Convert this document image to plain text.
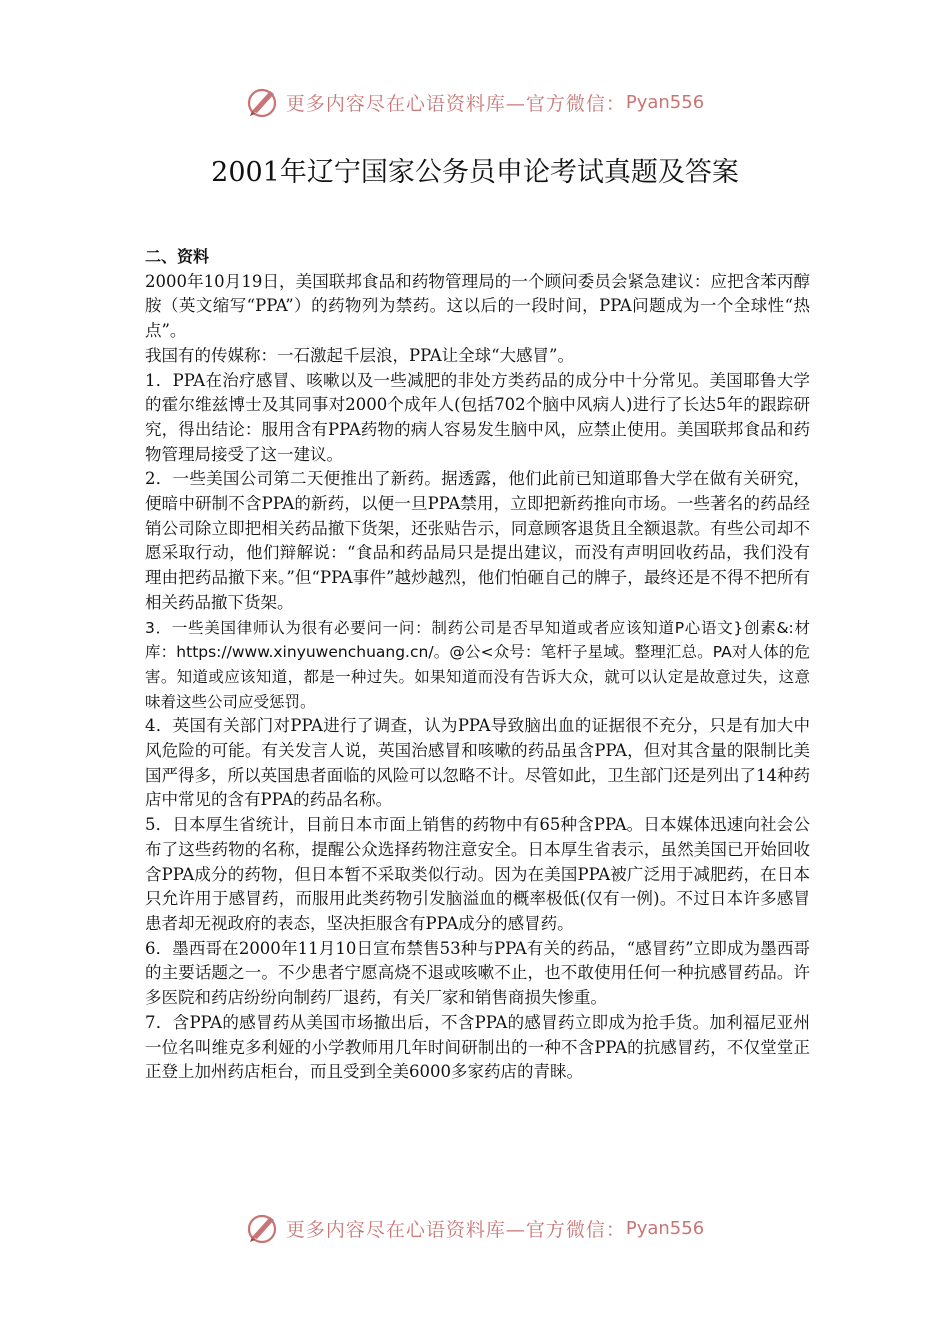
更多内容尽在心语资料库—官方微信： Pyan556
2001年辽宁国家公务员申论考试真题及答案
二、资料

2000年10月19日，美国联邦食品和药物管理局的一个顾问委员会紧急建议：应把含苯丙醇胺（英文缩写“PPA”）的药物列为禁药。这以后的一段时间，PPA问题成为一个全球性“热点”。

我国有的传媒称：一石激起千层浪，PPA让全球“大感冒”。

1．PPA在治疗感冒、咳嗽以及一些减肥的非处方类药品的成分中十分常见。美国耶鲁大学的霍尔维兹博士及其同事对2000个成年人(包括702个脑中风病人)进行了长达5年的跟踪研究，得出结论：服用含有PPA药物的病人容易发生脑中风，应禁止使用。美国联邦食品和药物管理局接受了这一建议。

2．一些美国公司第二天便推出了新药。据透露，他们此前已知道耶鲁大学在做有关研究，便暗中研制不含PPA的新药，以便一旦PPA禁用，立即把新药推向市场。一些著名的药品经销公司除立即把相关药品撤下货架，还张贴告示，同意顾客退货且全额退款。有些公司却不愿采取行动，他们辩解说：“食品和药品局只是提出建议，而没有声明回收药品，我们没有理由把药品撤下来。”但“PPA事件”越炒越烈，他们怕砸自己的牌子，最终还是不得不把所有相关药品撤下货架。

3．一些美国律师认为很有必要问一问：制药公司是否早知道或者应该知道P心语文}创素&:材库：https://www.xinyuwenchuang.cn/。@公<众号：笔杆子星域。整理汇总。PA对人体的危害。知道或应该知道，都是一种过失。如果知道而没有告诉大众，就可以认定是故意过失，这意味着这些公司应受惩罚。

4．英国有关部门对PPA进行了调查，认为PPA导致脑出血的证据很不充分，只是有加大中风危险的可能。有关发言人说，英国治感冒和咳嗽的药品虽含PPA，但对其含量的限制比美国严得多，所以英国患者面临的风险可以忽略不计。尽管如此，卫生部门还是列出了14种药店中常见的含有PPA的药品名称。

5．日本厚生省统计，目前日本市面上销售的药物中有65种含PPA。日本媒体迅速向社会公布了这些药物的名称，提醒公众选择药物注意安全。日本厚生省表示，虽然美国已开始回收含PPA成分的药物，但日本暂不采取类似行动。因为在美国PPA被广泛用于减肥药，在日本只允许用于感冒药，而服用此类药物引发脑溢血的概率极低(仅有一例)。不过日本许多感冒患者却无视政府的表态，坚决拒服含有PPA成分的感冒药。

6．墨西哥在2000年11月10日宣布禁售53种与PPA有关的药品，“感冒药”立即成为墨西哥的主要话题之一。不少患者宁愿高烧不退或咳嗽不止，也不敢使用任何一种抗感冒药品。许多医院和药店纷纷向制药厂退药，有关厂家和销售商损失惨重。

7．含PPA的感冒药从美国市场撤出后，不含PPA的感冒药立即成为抢手货。加利福尼亚州一位名叫维克多利娅的小学教师用几年时间研制出的一种不含PPA的抗感冒药，不仅堂堂正正登上加州药店柜台，而且受到全美6000多家药店的青睐。

更多内容尽在心语资料库—官方微信： Pyan556
